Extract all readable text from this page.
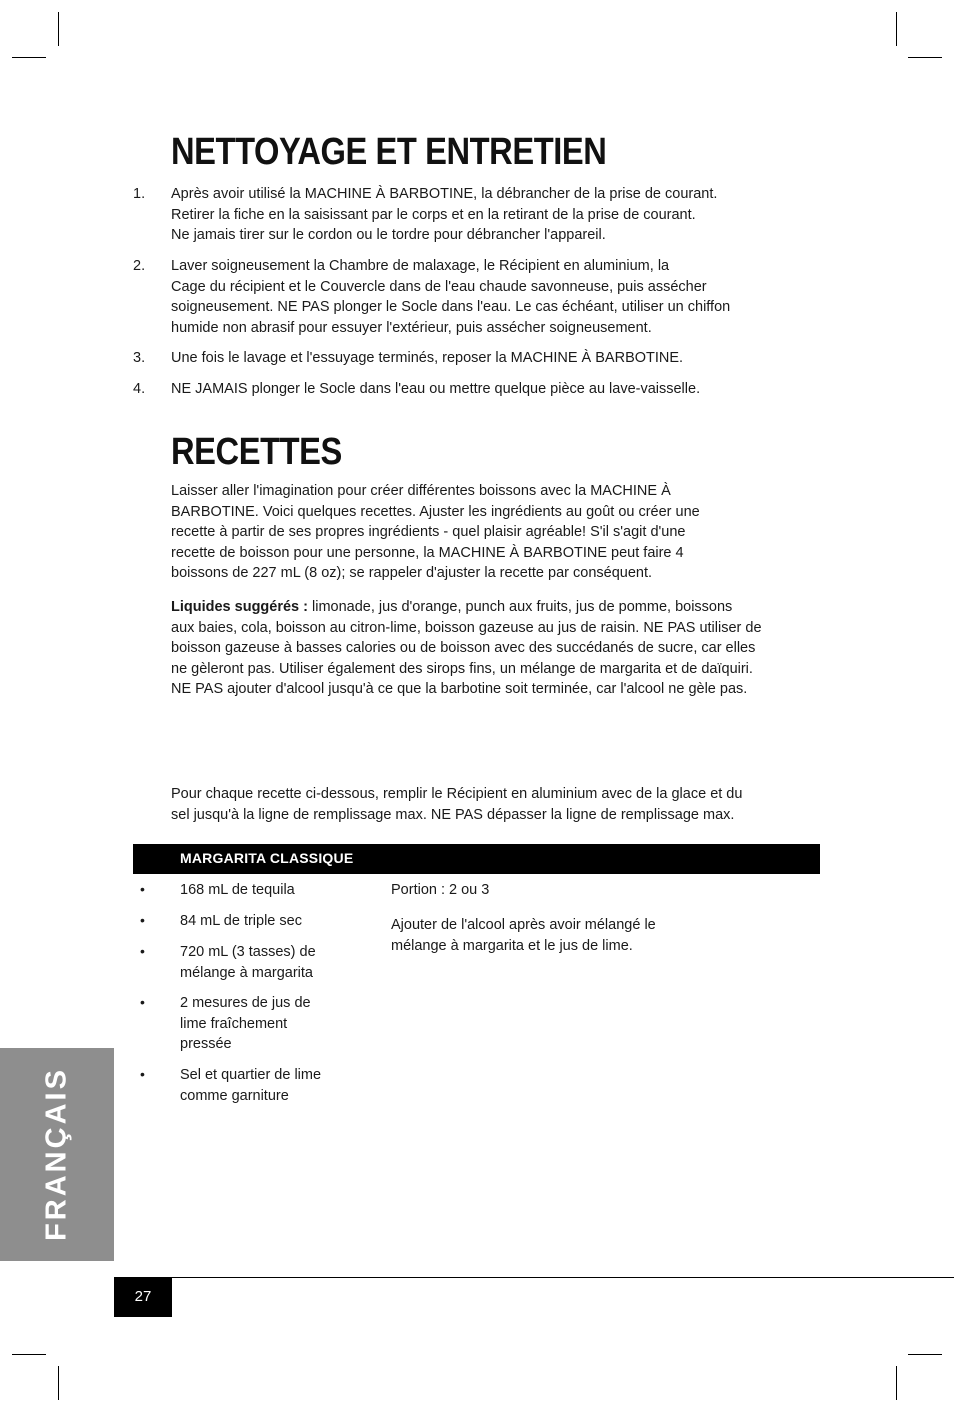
NETTOYAGE ET ENTRETIEN
1. Après avoir utilisé la MACHINE À BARBOTINE, la débrancher de la prise de courant.
Retirer la fiche en la saisissant par le corps et en la retirant de la prise de courant.
Ne jamais tirer sur le cordon ou le tordre pour débrancher l'appareil.
2. Laver soigneusement la Chambre de malaxage, le Récipient en aluminium, la
Cage du récipient et le Couvercle dans de l'eau chaude savonneuse, puis assécher
soigneusement. NE PAS plonger le Socle dans l'eau. Le cas échéant, utiliser un chiffon
humide non abrasif pour essuyer l'extérieur, puis assécher soigneusement.
3. Une fois le lavage et l'essuyage terminés, reposer la MACHINE À BARBOTINE.
4. NE JAMAIS plonger le Socle dans l'eau ou mettre quelque pièce au lave-vaisselle.
RECETTES
Laisser aller l'imagination pour créer différentes boissons avec la MACHINE À
BARBOTINE. Voici quelques recettes. Ajuster les ingrédients au goût ou créer une
recette à partir de ses propres ingrédients - quel plaisir agréable! S'il s'agit d'une
recette de boisson pour une personne, la MACHINE À BARBOTINE peut faire 4
boissons de 227 mL (8 oz); se rappeler d'ajuster la recette par conséquent.
Liquides suggérés : limonade, jus d'orange, punch aux fruits, jus de pomme, boissons
aux baies, cola, boisson au citron-lime, boisson gazeuse au jus de raisin. NE PAS utiliser de
boisson gazeuse à basses calories ou de boisson avec des succédanés de sucre, car elles
ne gèleront pas. Utiliser également des sirops fins, un mélange de margarita et de daïquiri.
NE PAS ajouter d'alcool jusqu'à ce que la barbotine soit terminée, car l'alcool ne gèle pas.
Pour chaque recette ci-dessous, remplir le Récipient en aluminium avec de la glace et du
sel jusqu'à la ligne de remplissage max. NE PAS dépasser la ligne de remplissage max.
MARGARITA CLASSIQUE
• 168 mL de tequila
• 84 mL de triple sec
• 720 mL (3 tasses) de
mélange à margarita
• 2 mesures de jus de
lime fraîchement
pressée
• Sel et quartier de lime
comme garniture
Portion : 2 ou 3
Ajouter de l'alcool après avoir mélangé le
mélange à margarita et le jus de lime.
FRANÇAIS
27
